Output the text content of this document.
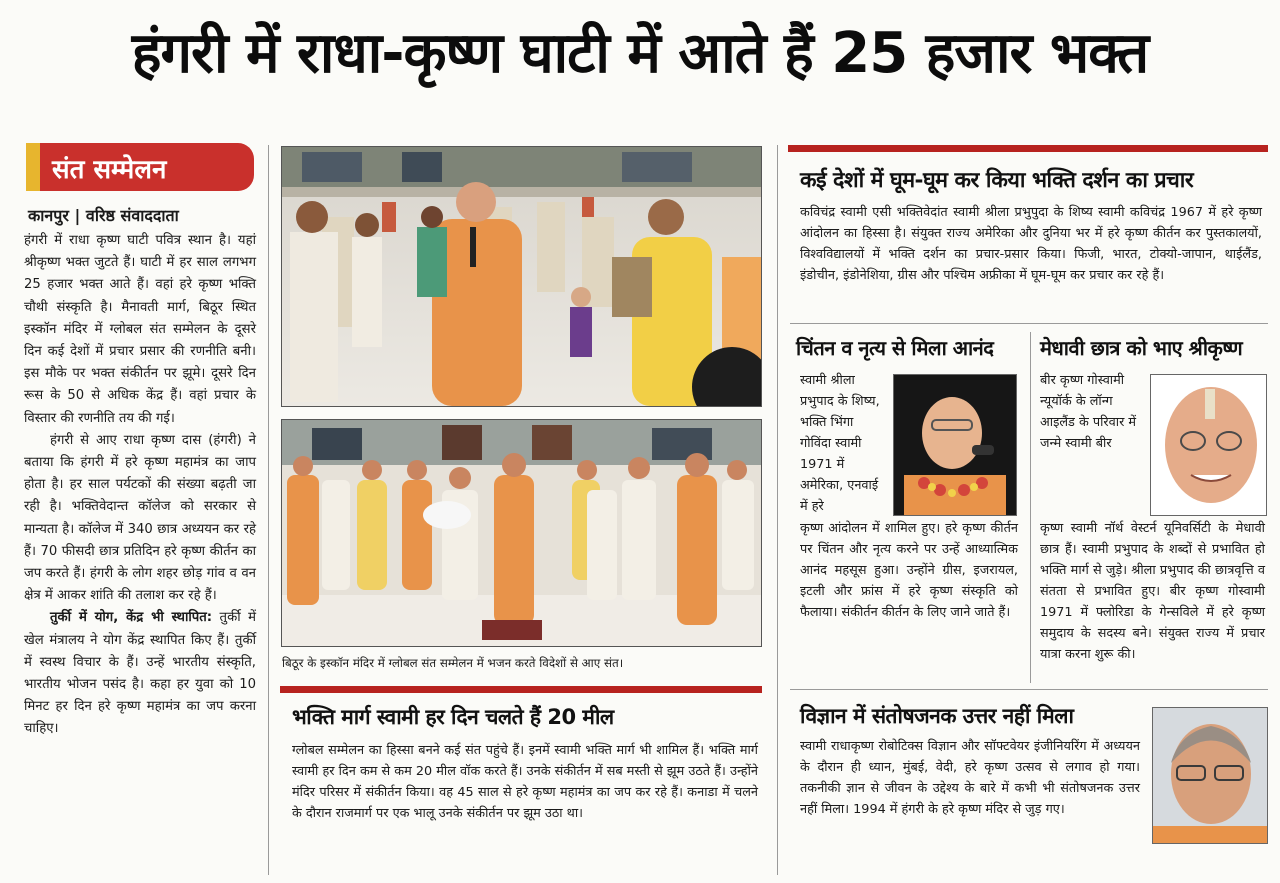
हंगरी में राधा-कृष्ण घाटी में आते हैं 25 हजार भक्त
संत सम्मेलन
कानपुर | वरिष्ठ संवाददाता

हंगरी में राधा कृष्ण घाटी पवित्र स्थान है। यहां श्रीकृष्ण भक्त जुटते हैं। घाटी में हर साल लगभग 25 हजार भक्त आते हैं। वहां हरे कृष्ण भक्ति चौथी संस्कृति है। मैनावती मार्ग, बिठूर स्थित इस्कॉन मंदिर में ग्लोबल संत सम्मेलन के दूसरे दिन कई देशों में प्रचार प्रसार की रणनीति बनी। इस मौके पर भक्त संकीर्तन पर झूमे। दूसरे दिन रूस के 50 से अधिक केंद्र हैं। वहां प्रचार के विस्तार की रणनीति तय की गई।

हंगरी से आए राधा कृष्ण दास (हंगरी) ने बताया कि हंगरी में हरे कृष्ण महामंत्र का जाप होता है। हर साल पर्यटकों की संख्या बढ़ती जा रही है। भक्तिवेदान्त कॉलेज को सरकार से मान्यता है। कॉलेज में 340 छात्र अध्ययन कर रहे हैं। 70 फीसदी छात्र प्रतिदिन हरे कृष्ण कीर्तन का जप करते हैं। हंगरी के लोग शहर छोड़ गांव व वन क्षेत्र में आकर शांति की तलाश कर रहे हैं।

तुर्की में योग, केंद्र भी स्थापित: तुर्की में खेल मंत्रालय ने योग केंद्र स्थापित किए हैं। तुर्की में स्वस्थ विचार के हैं। उन्हें भारतीय संस्कृति, भारतीय भोजन पसंद है। कहा हर युवा को 10 मिनट हर दिन हरे कृष्ण महामंत्र का जप करना चाहिए।

बिठूर के इस्कॉन मंदिर में ग्लोबल संत सम्मेलन में भजन करते विदेशों से आए संत।
कई देशों में घूम-घूम कर किया भक्ति दर्शन का प्रचार
कविचंद्र स्वामी एसी भक्तिवेदांत स्वामी श्रीला प्रभुपुदा के शिष्य स्वामी कविचंद्र 1967 में हरे कृष्ण आंदोलन का हिस्सा है। संयुक्त राज्य अमेरिका और दुनिया भर में हरे कृष्ण कीर्तन कर पुस्तकालयों, विश्वविद्यालयों में भक्ति दर्शन का प्रचार-प्रसार किया। फिजी, भारत, टोक्यो-जापान, थाईलैंड, इंडोचीन, इंडोनेशिया, ग्रीस और पश्चिम अफ्रीका में घूम-घूम कर प्रचार कर रहे हैं।
चिंतन व नृत्य से मिला आनंद
स्वामी श्रीला प्रभुपाद के शिष्य, भक्ति भिंगा गोविंदा स्वामी 1971 में अमेरिका, एनवाई में हरे
कृष्ण आंदोलन में शामिल हुए। हरे कृष्ण कीर्तन पर चिंतन और नृत्य करने पर उन्हें आध्यात्मिक आनंद महसूस हुआ। उन्होंने ग्रीस, इजरायल, इटली और फ्रांस में हरे कृष्ण संस्कृति को फैलाया। संकीर्तन कीर्तन के लिए जाने जाते हैं।
मेधावी छात्र को भाए श्रीकृष्ण
बीर कृष्ण गोस्वामी न्यूयॉर्क के लॉन्ग आइलैंड के परिवार में जन्मे स्वामी बीर
कृष्ण स्वामी नॉर्थ वेस्टर्न यूनिवर्सिटी के मेधावी छात्र हैं। स्वामी प्रभुपाद के शब्दों से प्रभावित हो भक्ति मार्ग से जुड़े। श्रीला प्रभुपाद की छात्रवृत्ति व संतता से प्रभावित हुए। बीर कृष्ण गोस्वामी 1971 में फ्लोरिडा के गेन्सविले में हरे कृष्ण समुदाय के सदस्य बने। संयुक्त राज्य में प्रचार यात्रा करना शुरू की।
भक्ति मार्ग स्वामी हर दिन चलते हैं 20 मील
ग्लोबल सम्मेलन का हिस्सा बनने कई संत पहुंचे हैं। इनमें स्वामी भक्ति मार्ग भी शामिल हैं। भक्ति मार्ग स्वामी हर दिन कम से कम 20 मील वॉक करते हैं। उनके संकीर्तन में सब मस्ती से झूम उठते हैं। उन्होंने मंदिर परिसर में संकीर्तन किया। वह 45 साल से हरे कृष्ण महामंत्र का जप कर रहे हैं। कनाडा में चलने के दौरान राजमार्ग पर एक भालू उनके संकीर्तन पर झूम उठा था।
विज्ञान में संतोषजनक उत्तर नहीं मिला
स्वामी राधाकृष्ण रोबोटिक्स विज्ञान और सॉफ्टवेयर इंजीनियरिंग में अध्ययन के दौरान ही ध्यान, मुंबई, वेदी, हरे कृष्ण उत्सव से लगाव हो गया। तकनीकी ज्ञान से जीवन के उद्देश्य के बारे में कभी भी संतोषजनक उत्तर नहीं मिला। 1994 में हंगरी के हरे कृष्ण मंदिर से जुड़ गए।
